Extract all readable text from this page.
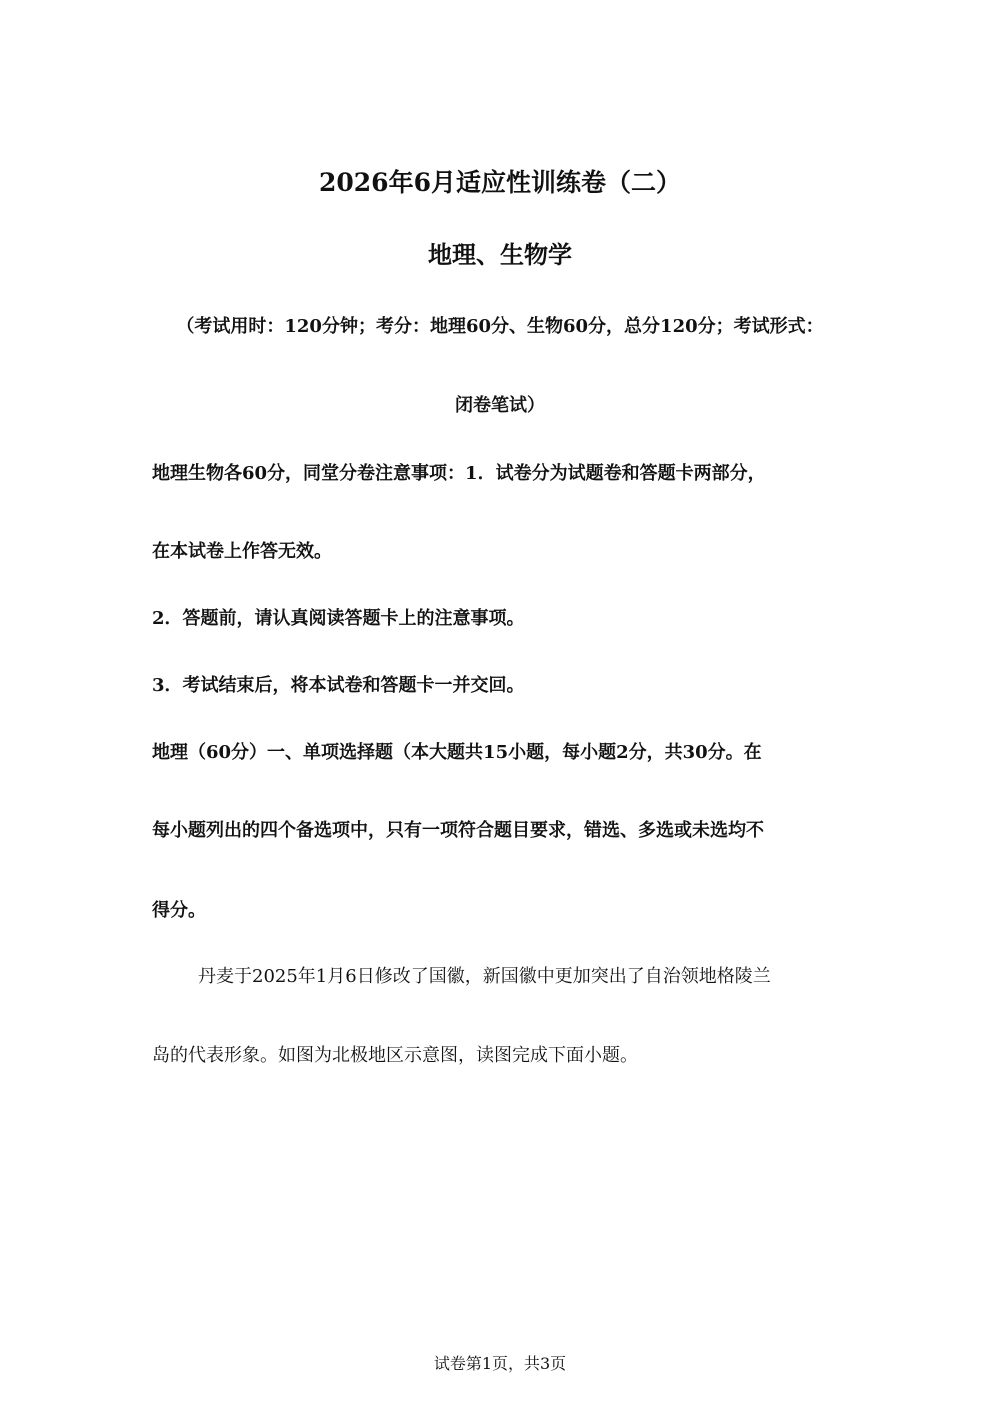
2026年6月适应性训练卷（二）
地理、生物学
（考试用时：120分钟；考分：地理60分、生物60分，总分120分；考试形式：
闭卷笔试）
地理生物各60分，同堂分卷注意事项：1．试卷分为试题卷和答题卡两部分，
在本试卷上作答无效。
2．答题前，请认真阅读答题卡上的注意事项。
3．考试结束后，将本试卷和答题卡一并交回。
地理（60分）一、单项选择题（本大题共15小题，每小题2分，共30分。在
每小题列出的四个备选项中，只有一项符合题目要求，错选、多选或未选均不
得分。
丹麦于2025年1月6日修改了国徽，新国徽中更加突出了自治领地格陵兰
岛的代表形象。如图为北极地区示意图，读图完成下面小题。
试卷第1页，共3页
